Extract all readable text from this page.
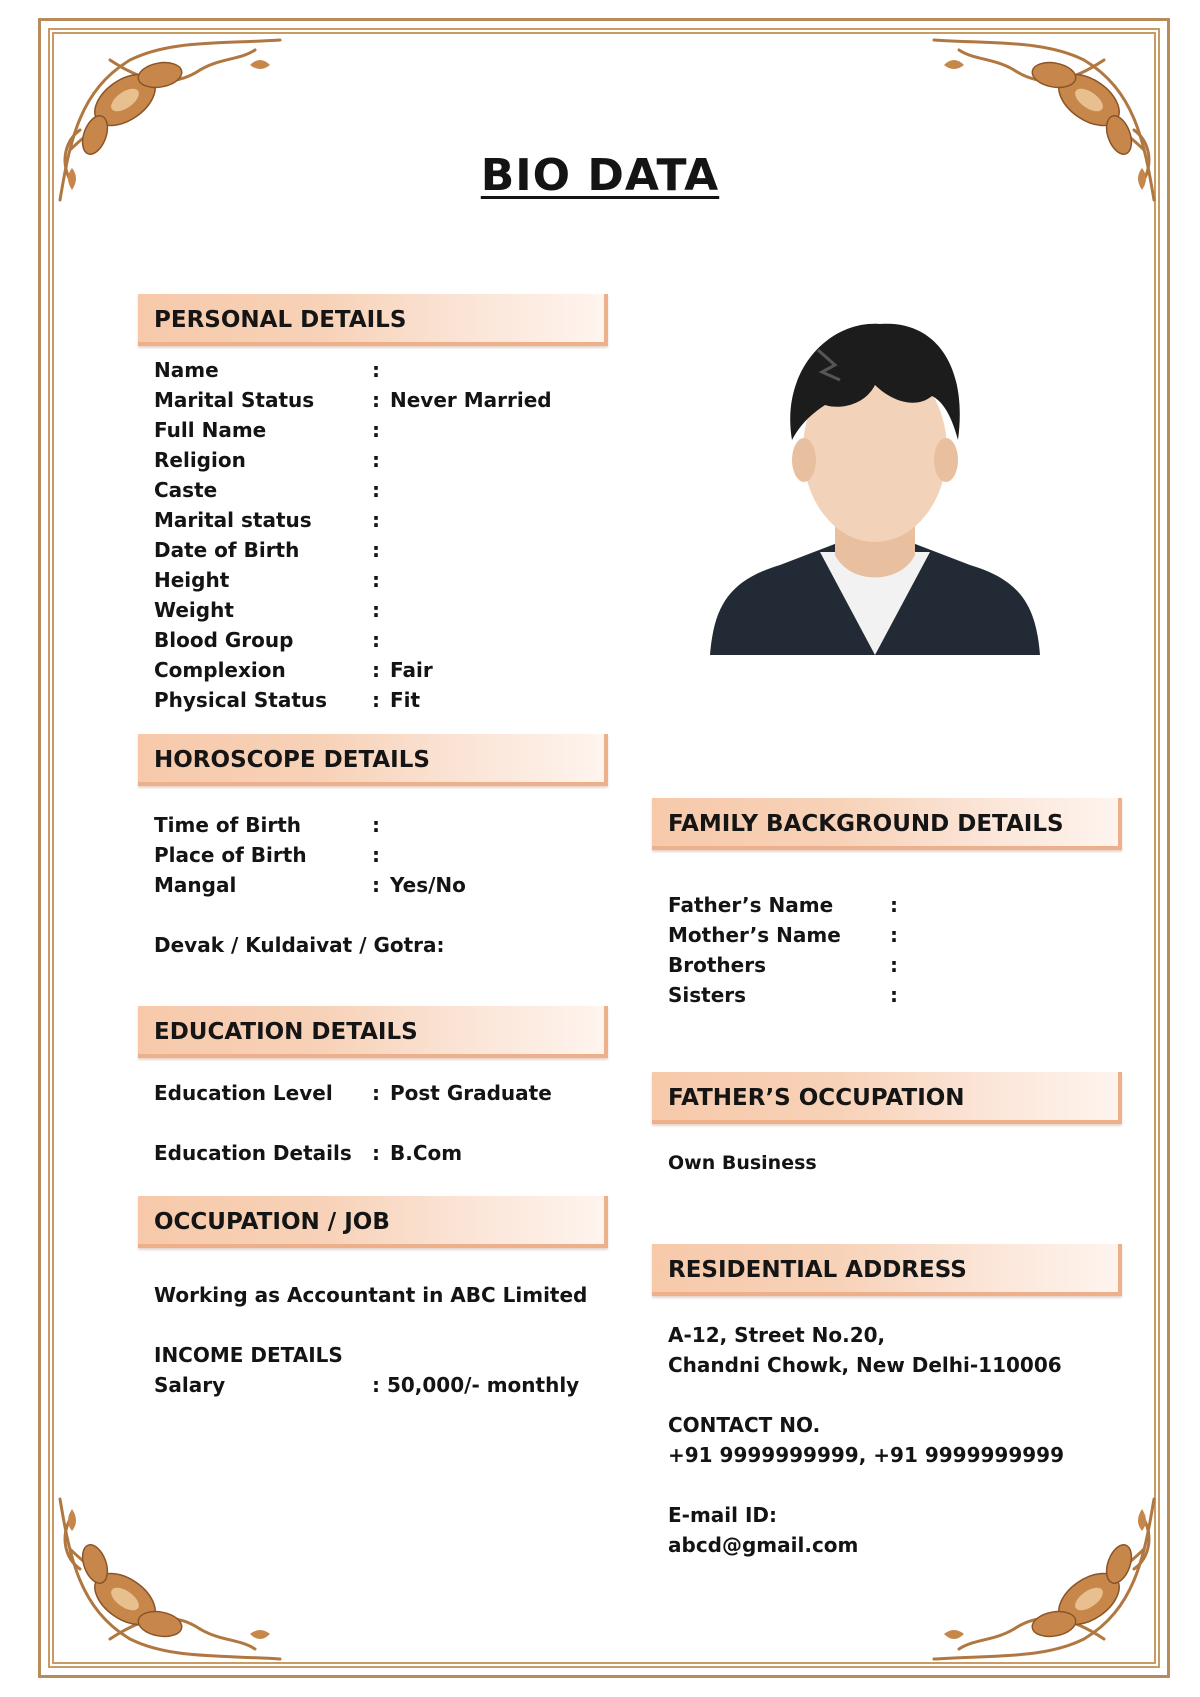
BIO DATA
PERSONAL DETAILS
Name	:
Marital Status	: Never Married
Full Name	:
Religion	:
Caste	:
Marital status	:
Date of Birth	:
Height	:
Weight	:
Blood Group	:
Complexion	: Fair
Physical Status : Fit
HOROSCOPE DETAILS
Time of Birth	:
Place of Birth	:
Mangal	: Yes/No
Devak / Kuldaivat / Gotra:
EDUCATION DETAILS
Education Level : Post Graduate
Education Details : B.Com
OCCUPATION / JOB
Working as Accountant in ABC Limited
INCOME DETAILS
Salary	: 50,000/- monthly
FAMILY BACKGROUND DETAILS
Father’s Name	:
Mother’s Name :
Brothers	:
Sisters	:
FATHER’S OCCUPATION
Own Business
RESIDENTIAL ADDRESS
A-12, Street No.20,
Chandni Chowk, New Delhi-110006
CONTACT NO.
+91 9999999999, +91 9999999999
E-mail ID:
abcd@gmail.com
